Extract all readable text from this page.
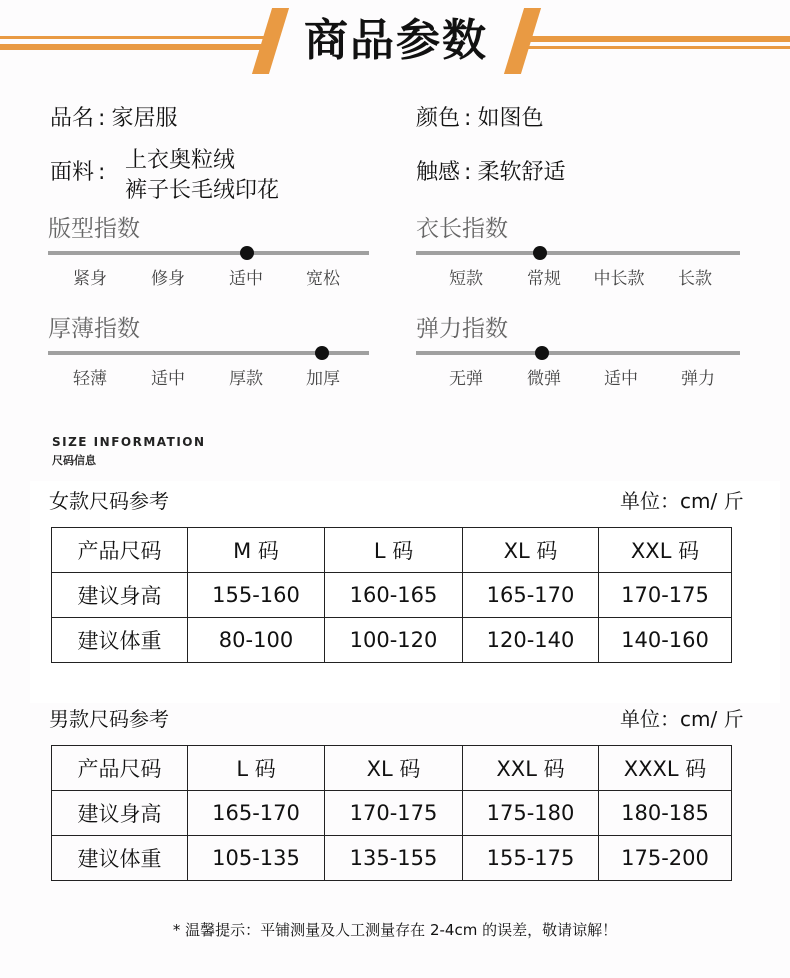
商品参数
品名 : 家居服	颜色 : 如图色
面料 : 上衣奥粒绒
裤子长毛绒印花
触感 : 柔软舒适
版型指数
紧身	修身	适中	宽松
衣长指数
短款	常规	中长款	长款
厚薄指数
轻薄	适中	厚款	加厚
弹力指数
无弹	微弹	适中	弹力
SIZE INFORMATION
尺码信息
女款尺码参考	单位：cm/ 斤
产品尺码	M 码	L 码	XL 码	XXL 码
建议身高	155-160	160-165	165-170	170-175
建议体重	80-100	100-120	120-140	140-160
男款尺码参考	单位：cm/ 斤
产品尺码	L 码	XL 码	XXL 码	XXXL 码
建议身高	165-170	170-175	175-180	180-185
建议体重	105-135	135-155	155-175	175-200
* 温馨提示：平铺测量及人工测量存在 2-4cm 的误差，敬请谅解！
